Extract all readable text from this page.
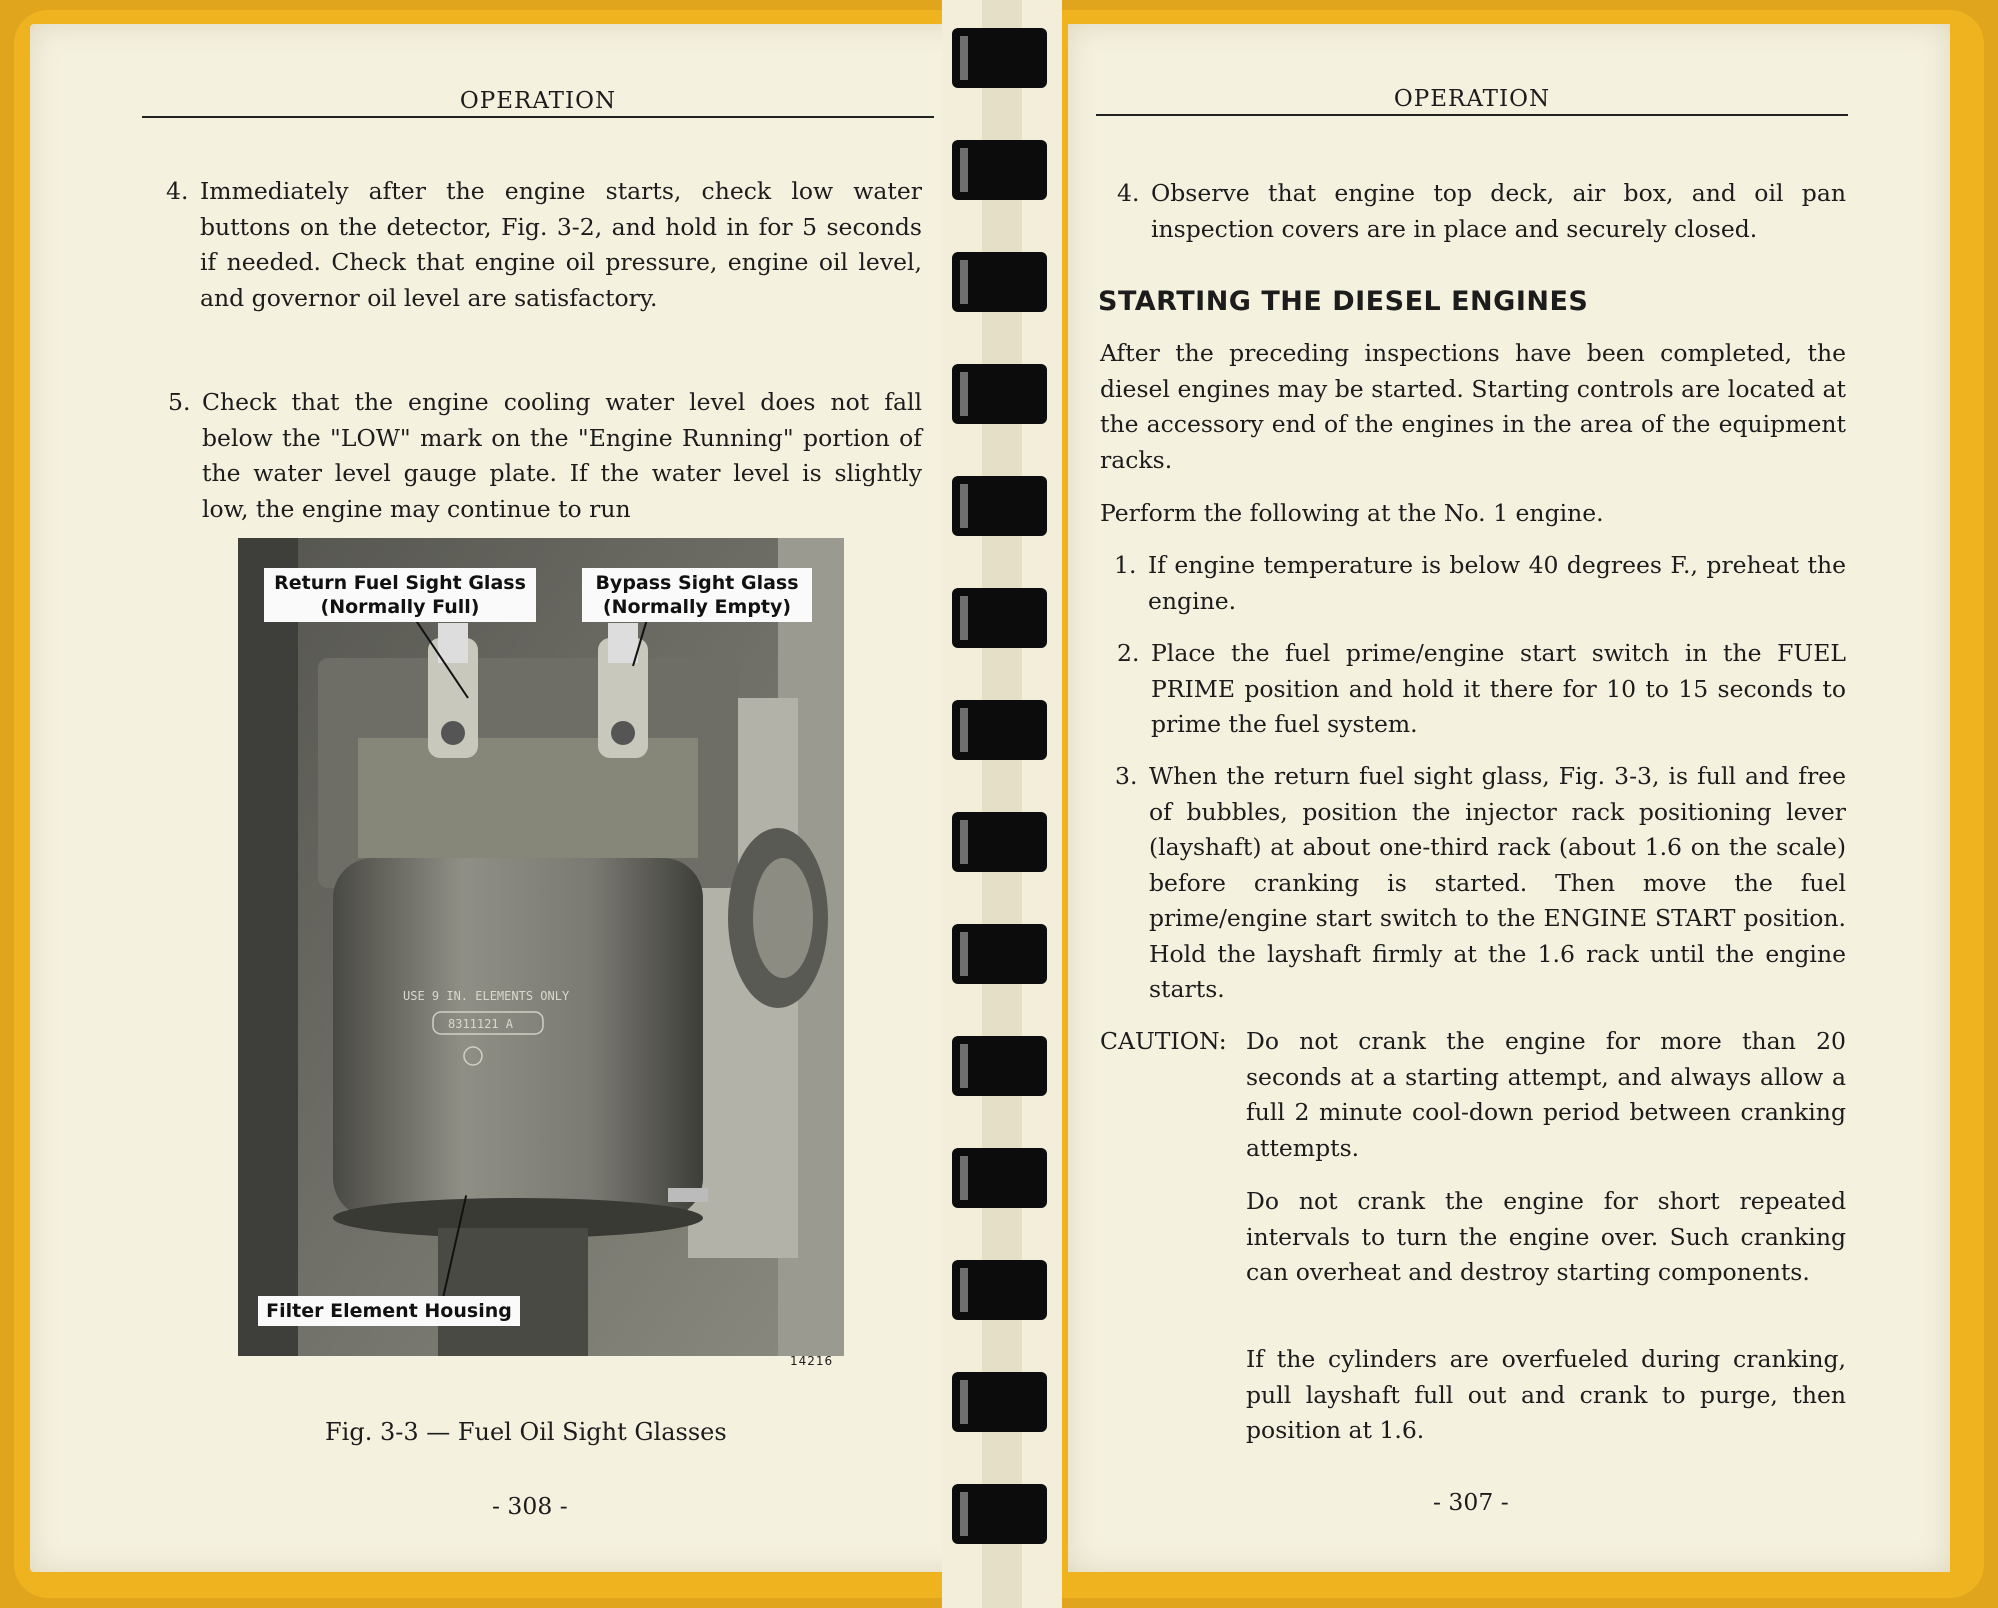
OPERATION
4. Immediately after the engine starts, check low water buttons on the detector, Fig. 3-2, and hold in for 5 seconds if needed. Check that engine oil pressure, engine oil level, and governor oil level are satisfactory.
5. Check that the engine cooling water level does not fall below the "LOW" mark on the "Engine Running" portion of the water level gauge plate. If the water level is slightly low, the engine may continue to run
USE 9 IN. ELEMENTS ONLY
8311121 A
Return Fuel Sight Glass
(Normally Full)
Bypass Sight Glass
(Normally Empty)
Filter Element Housing
14216
Fig. 3-3 — Fuel Oil Sight Glasses
- 308 -
OPERATION
4. Observe that engine top deck, air box, and oil pan inspection covers are in place and securely closed.
STARTING THE DIESEL ENGINES
After the preceding inspections have been completed, the diesel engines may be started. Starting controls are located at the accessory end of the engines in the area of the equipment racks.
Perform the following at the No. 1 engine.
1. If engine temperature is below 40 degrees F., preheat the engine.
2. Place the fuel prime/engine start switch in the FUEL PRIME position and hold it there for 10 to 15 seconds to prime the fuel system.
3. When the return fuel sight glass, Fig. 3-3, is full and free of bubbles, position the injector rack positioning lever (layshaft) at about one-third rack (about 1.6 on the scale) before cranking is started. Then move the fuel prime/engine start switch to the ENGINE START position. Hold the layshaft firmly at the 1.6 rack until the engine starts.
CAUTION: Do not crank the engine for more than 20 seconds at a starting attempt, and always allow a full 2 minute cool-down period between cranking attempts.
Do not crank the engine for short repeated intervals to turn the engine over. Such cranking can overheat and destroy starting components.
If the cylinders are overfueled during cranking, pull layshaft full out and crank to purge, then position at 1.6.
- 307 -
